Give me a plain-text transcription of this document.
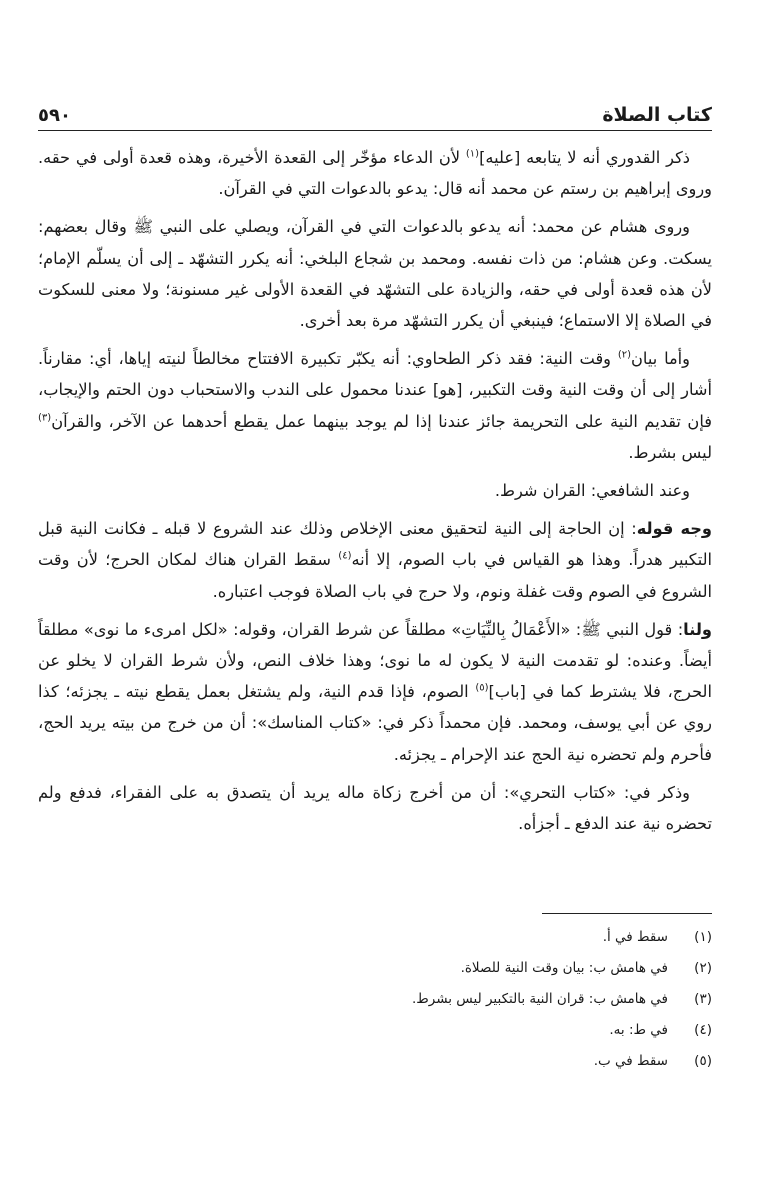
كتاب الصلاة
٥٩٠

ذكر القدوري أنه لا يتابعه [عليه]$^{(١)}$ لأن الدعاء مؤخّر إلى القعدة الأخيرة، وهذه قعدة أولى في حقه. وروى إبراهيم بن رستم عن محمد أنه قال: يدعو بالدعوات التي في القرآن.

وروى هشام عن محمد: أنه يدعو بالدعوات التي في القرآن، ويصلي على النبي ﷺ وقال بعضهم: يسكت. وعن هشام: من ذات نفسه. ومحمد بن شجاع البلخي: أنه يكرر التشهّد ـ إلى أن يسلّم الإمام؛ لأن هذه قعدة أولى في حقه، والزيادة على التشهّد في القعدة الأولى غير مسنونة؛ ولا معنى للسكوت في الصلاة إلا الاستماع؛ فينبغي أن يكرر التشهّد مرة بعد أخرى.

وأما بيان$^{(٢)}$ وقت النية: فقد ذكر الطحاوي: أنه يكبّر تكبيرة الافتتاح مخالطاً لنيته إياها، أي: مقارناً. أشار إلى أن وقت النية وقت التكبير، [هو] عندنا محمول على الندب والاستحباب دون الحتم والإيجاب، فإن تقديم النية على التحريمة جائز عندنا إذا لم يوجد بينهما عمل يقطع أحدهما عن الآخر، والقرآن$^{(٣)}$ ليس بشرط.

وعند الشافعي: القران شرط.

وجه قوله: إن الحاجة إلى النية لتحقيق معنى الإخلاص وذلك عند الشروع لا قبله ـ فكانت النية قبل التكبير هدراً. وهذا هو القياس في باب الصوم، إلا أنه$^{(٤)}$ سقط القران هناك لمكان الحرج؛ لأن وقت الشروع في الصوم وقت غفلة ونوم، ولا حرج في باب الصلاة فوجب اعتباره.

ولنا: قول النبي ﷺ: «الأَعْمَالُ بِالنِّيَاتِ» مطلقاً عن شرط القران، وقوله: «لكل امرىء ما نوى» مطلقاً أيضاً. وعنده: لو تقدمت النية لا يكون له ما نوى؛ وهذا خلاف النص، ولأن شرط القران لا يخلو عن الحرج، فلا يشترط كما في [باب]$^{(٥)}$ الصوم، فإذا قدم النية، ولم يشتغل بعمل يقطع نيته ـ يجزئه؛ كذا روي عن أبي يوسف، ومحمد. فإن محمداً ذكر في: «كتاب المناسك»: أن من خرج من بيته يريد الحج، فأحرم ولم تحضره نية الحج عند الإحرام ـ يجزئه.

وذكر في: «كتاب التحري»: أن من أخرج زكاة ماله يريد أن يتصدق به على الفقراء، فدفع ولم تحضره نية عند الدفع ـ أجزأه.

(١)
سقط في أ.
(٢)
في هامش ب: بيان وقت النية للصلاة.
(٣)
في هامش ب: قران النية بالتكبير ليس بشرط.
(٤)
في ط: به.
(٥)
سقط في ب.
